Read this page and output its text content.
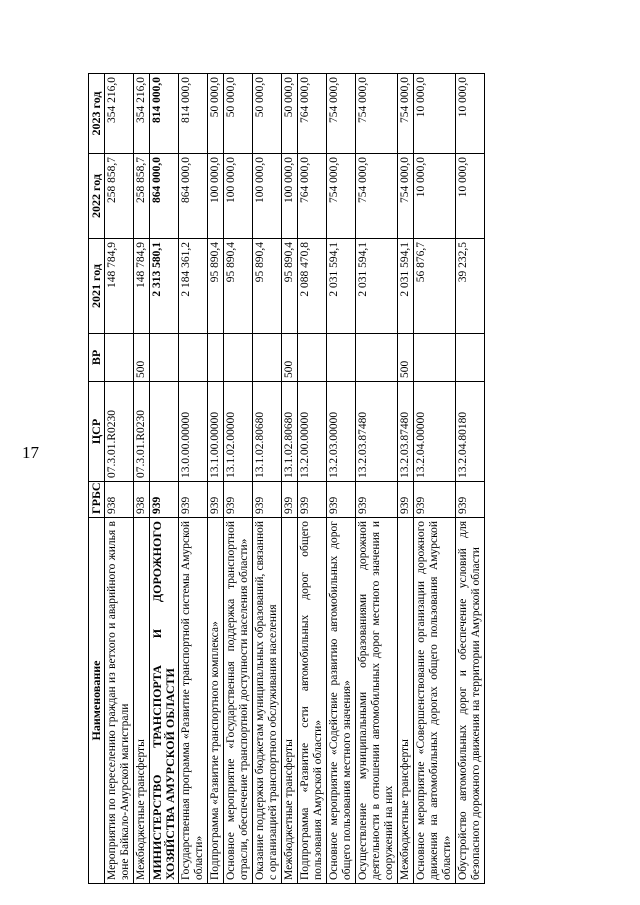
17
Наименование	ГРБС	ЦСР	ВР	2021 год	2022 год	2023 год
Мероприятия по переселению граждан из ветхого и аварийного жилья в зоне Байкало-Амурской магистрали	938	07.3.01.R0230		148 784,9	258 858,7	354 216,0
Межбюджетные трансферты	938	07.3.01.R0230	500	148 784,9	258 858,7	354 216,0
МИНИСТЕРСТВО ТРАНСПОРТА И ДОРОЖНОГО ХОЗЯЙСТВА АМУРСКОЙ ОБЛАСТИ	939			2 313 580,1	864 000,0	814 000,0
Государственная программа «Развитие транспортной системы Амурской области»	939	13.0.00.00000		2 184 361,2	864 000,0	814 000,0
Подпрограмма «Развитие транспортного комплекса»	939	13.1.00.00000		95 890,4	100 000,0	50 000,0
Основное мероприятие «Государственная поддержка транспортной отрасли, обеспечение транспортной доступности населения области»	939	13.1.02.00000		95 890,4	100 000,0	50 000,0
Оказание поддержки бюджетам муниципальных образований, связанной с организацией транспортного обслуживания населения	939	13.1.02.80680		95 890,4	100 000,0	50 000,0
Межбюджетные трансферты	939	13.1.02.80680	500	95 890,4	100 000,0	50 000,0
Подпрограмма «Развитие сети автомобильных дорог общего пользования Амурской области»	939	13.2.00.00000		2 088 470,8	764 000,0	764 000,0
Основное мероприятие «Содействие развитию автомобильных дорог общего пользования местного значения»	939	13.2.03.00000		2 031 594,1	754 000,0	754 000,0
Осуществление муниципальными образованиями дорожной деятельности в отношении автомобильных дорог местного значения и сооружений на них	939	13.2.03.87480		2 031 594,1	754 000,0	754 000,0
Межбюджетные трансферты	939	13.2.03.87480	500	2 031 594,1	754 000,0	754 000,0
Основное мероприятие «Совершенствование организации дорожного движения на автомобильных дорогах общего пользования Амурской области»	939	13.2.04.00000		56 876,7	10 000,0	10 000,0
Обустройство автомобильных дорог и обеспечение условий для безопасного дорожного движения на территории Амурской области	939	13.2.04.80180		39 232,5	10 000,0	10 000,0
